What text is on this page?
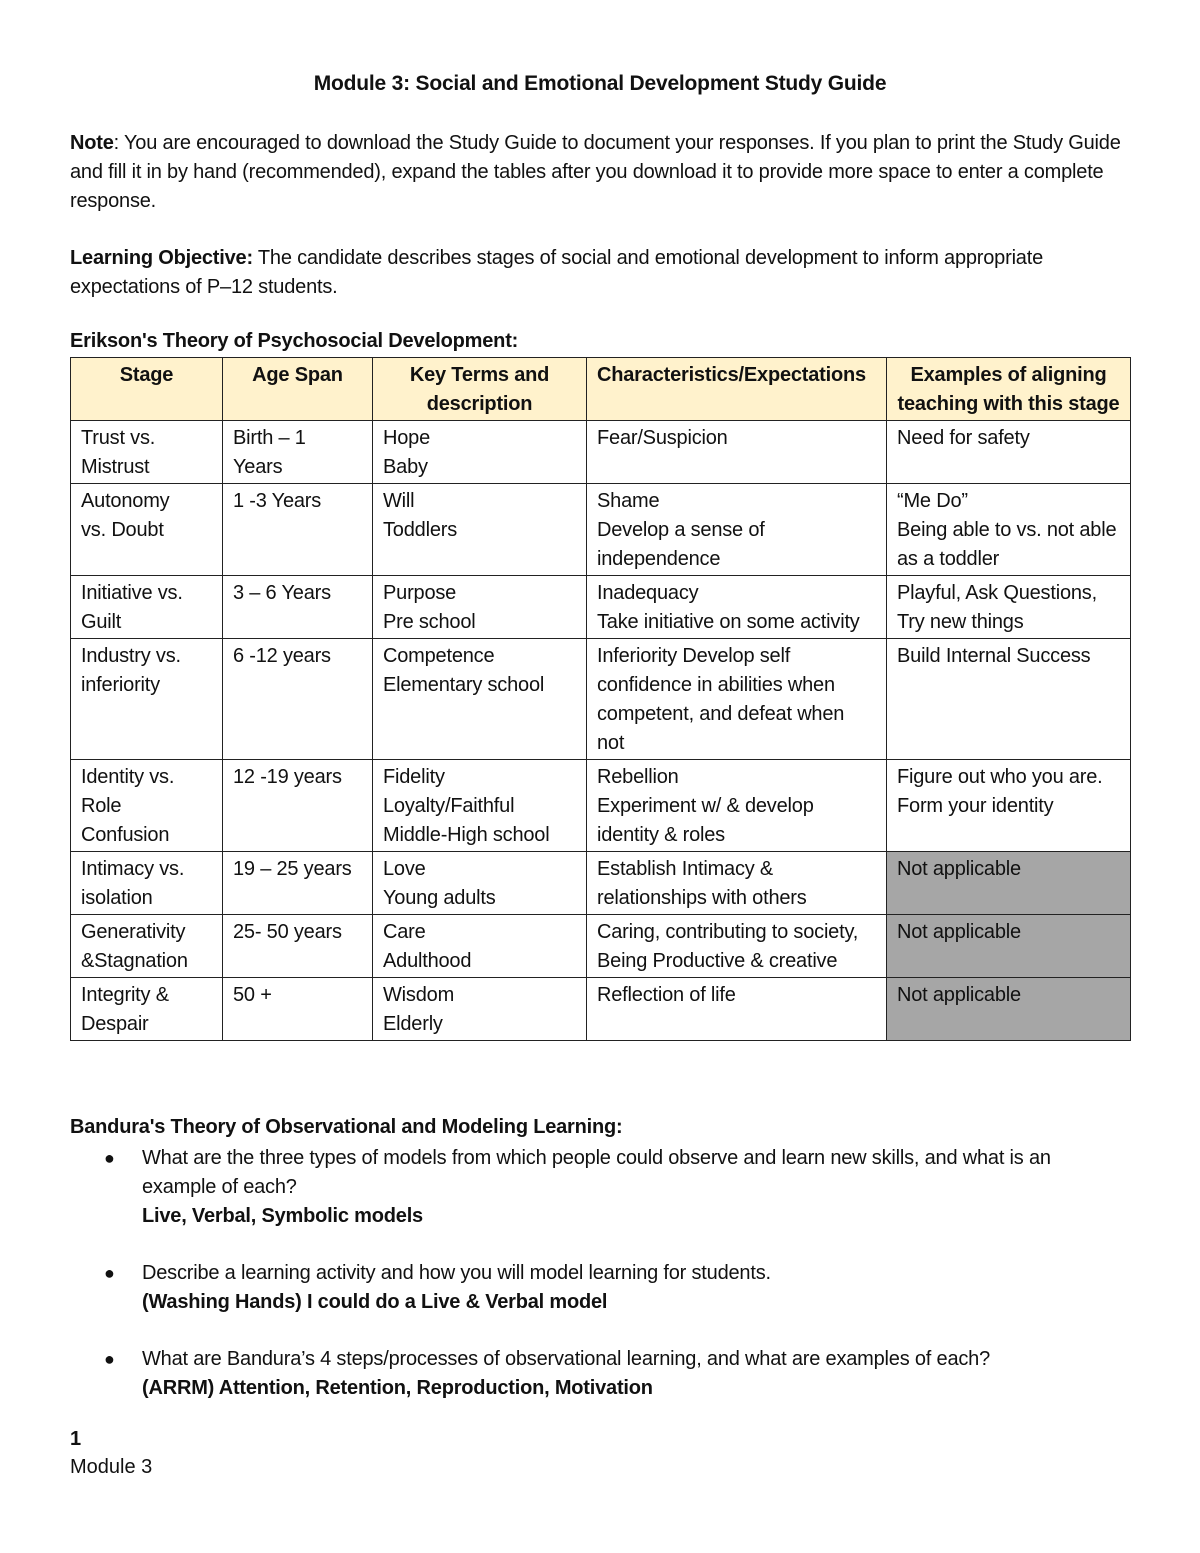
Module 3: Social and Emotional Development Study Guide
Note: You are encouraged to download the Study Guide to document your responses. If you plan to print the Study Guide and fill it in by hand (recommended), expand the tables after you download it to provide more space to enter a complete response.
Learning Objective: The candidate describes stages of social and emotional development to inform appropriate expectations of P–12 students.
Erikson's Theory of Psychosocial Development:
Stage	Age Span	Key Terms and description	Characteristics/Expectations	Examples of aligning teaching with this stage

Trust vs.
Mistrust	Birth – 1
Years	Hope
Baby	Fear/Suspicion	Need for safety

Autonomy
vs. Doubt	1 -3 Years	Will
Toddlers	Shame
Develop a sense of independence	“Me Do”
Being able to vs. not able as a toddler

Initiative vs.
Guilt	3 – 6 Years	Purpose
Pre school	Inadequacy
Take initiative on some activity	Playful, Ask Questions, Try new things

Industry vs.
inferiority	6 -12 years	Competence
Elementary school	Inferiority Develop self confidence in abilities when competent, and defeat when not	Build Internal Success

Identity vs.
Role
Confusion	12 -19 years	Fidelity
Loyalty/Faithful
Middle-High school	Rebellion
Experiment w/ & develop identity & roles	Figure out who you are. Form your identity

Intimacy vs.
isolation	19 – 25 years	Love
Young adults	Establish Intimacy & relationships with others	Not applicable

Generativity
&Stagnation	25- 50 years	Care
Adulthood	Caring, contributing to society, Being Productive & creative	Not applicable

Integrity &
Despair	50 +	Wisdom
Elderly	Reflection of life	Not applicable
Bandura's Theory of Observational and Modeling Learning:
● What are the three types of models from which people could observe and learn new skills, and what is an example of each?
Live, Verbal, Symbolic models
● Describe a learning activity and how you will model learning for students.
(Washing Hands) I could do a Live & Verbal model
● What are Bandura’s 4 steps/processes of observational learning, and what are examples of each?
(ARRM) Attention, Retention, Reproduction, Motivation
1
Module 3
